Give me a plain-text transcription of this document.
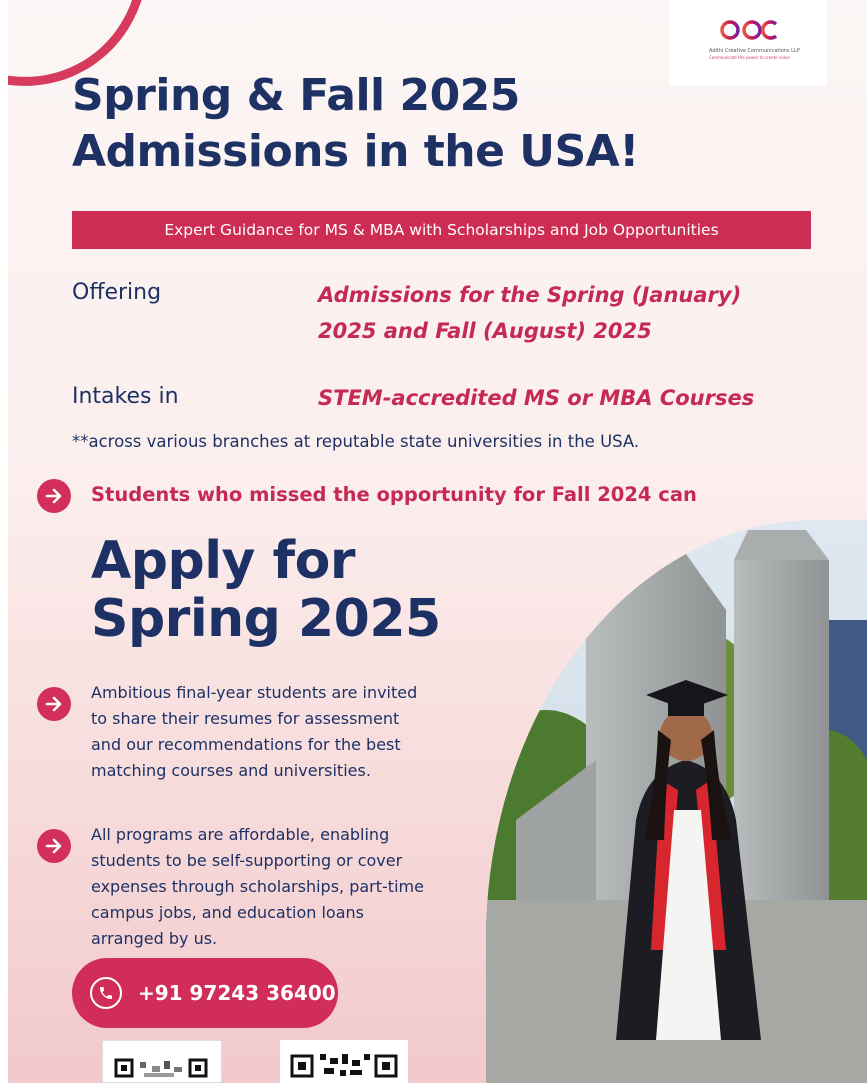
Adithi Creative Communications LLP
Communicate the power to create value
Spring & Fall 2025
Admissions in the USA!
Expert Guidance for MS & MBA with Scholarships and Job Opportunities
Offering	Admissions for the Spring (January)
2025 and Fall (August) 2025
Intakes in	STEM-accredited MS or MBA Courses
**across various branches at reputable state universities in the USA.
Students who missed the opportunity for Fall 2024 can
Apply for
Spring 2025
Ambitious final-year students are invited
to share their resumes for assessment
and our recommendations for the best
matching courses and universities.
All programs are affordable, enabling
students to be self-supporting or cover
expenses through scholarships, part-time
campus jobs, and education loans
arranged by us.
+91 97243 36400
